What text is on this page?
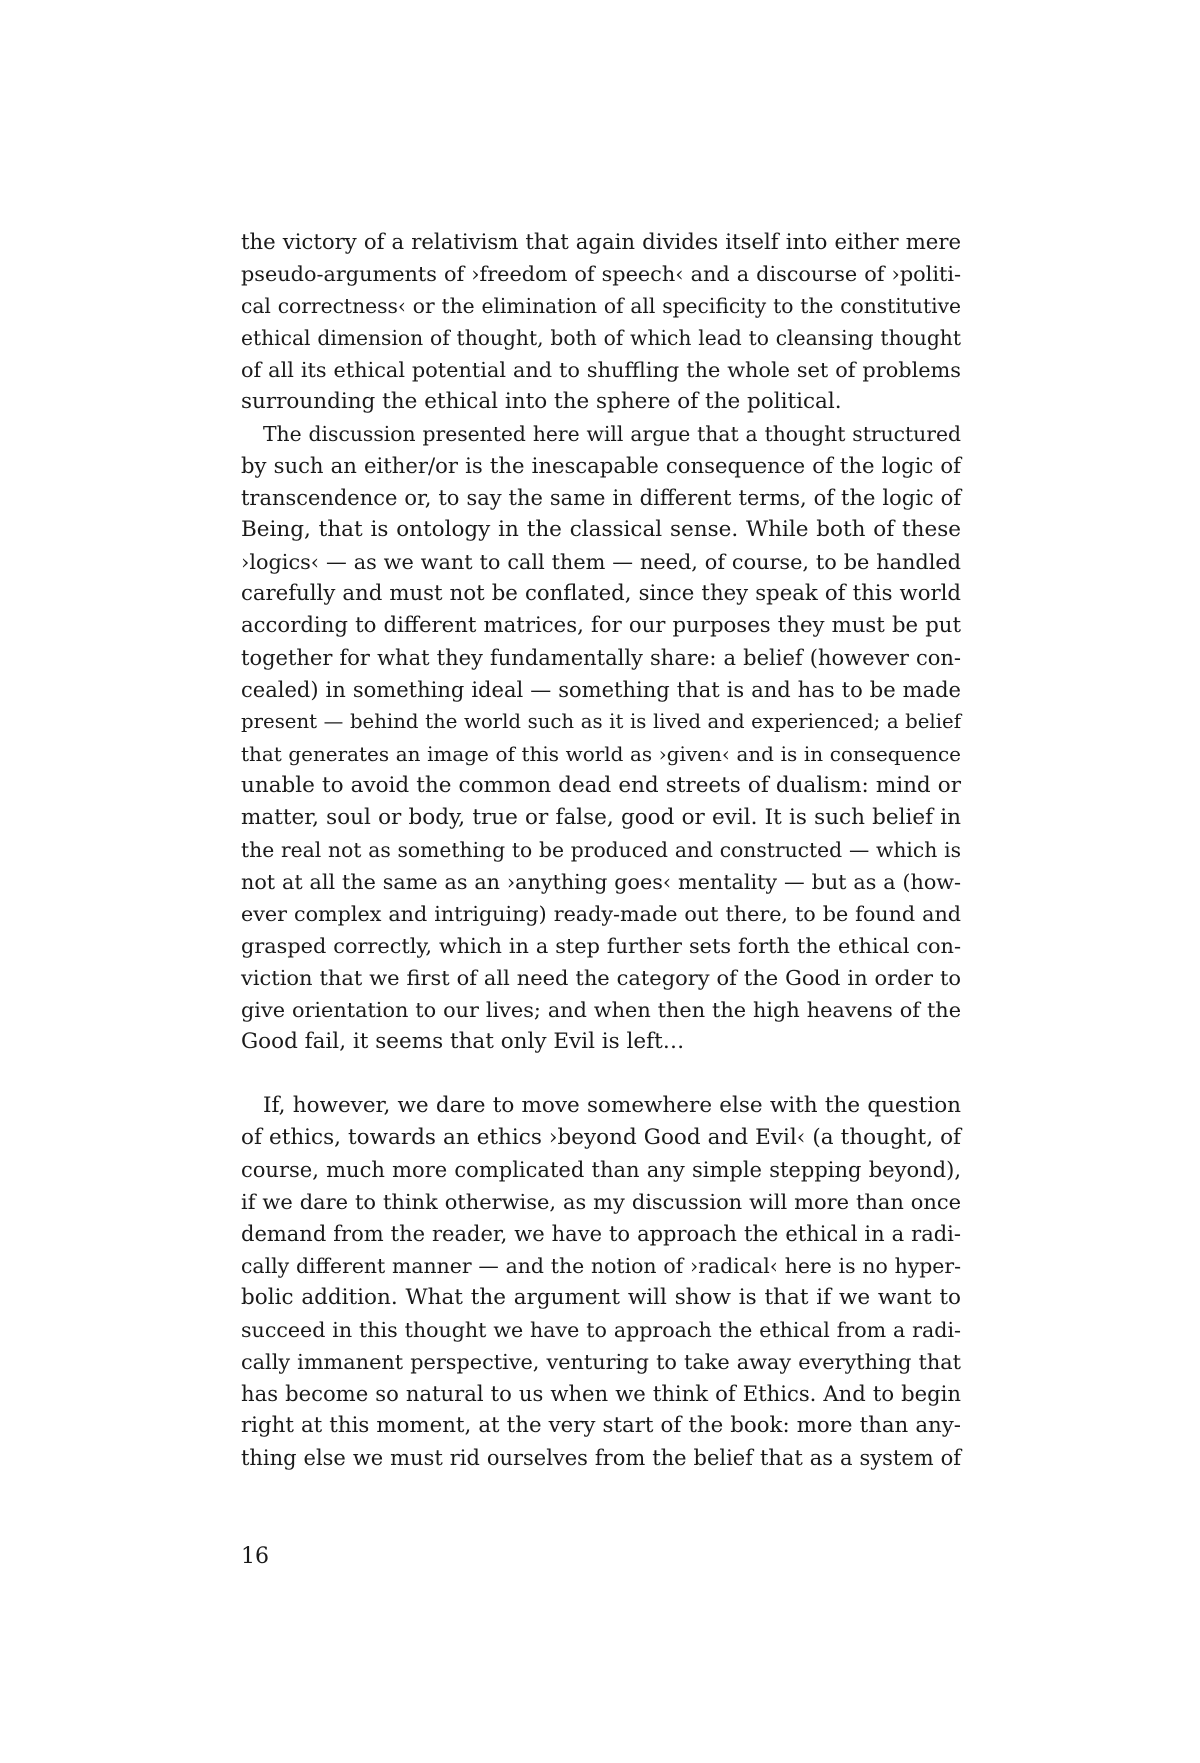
the victory of a relativism that again divides itself into either mere
pseudo-arguments of ›freedom of speech‹ and a discourse of ›politi-
cal correctness‹ or the elimination of all specificity to the constitutive
ethical dimension of thought, both of which lead to cleansing thought
of all its ethical potential and to shuffling the whole set of problems
surrounding the ethical into the sphere of the political.
The discussion presented here will argue that a thought structured
by such an either/or is the inescapable consequence of the logic of
transcendence or, to say the same in different terms, of the logic of
Being, that is ontology in the classical sense. While both of these
›logics‹ — as we want to call them — need, of course, to be handled
carefully and must not be conflated, since they speak of this world
according to different matrices, for our purposes they must be put
together for what they fundamentally share: a belief (however con-
cealed) in something ideal — something that is and has to be made
present — behind the world such as it is lived and experienced; a belief
that generates an image of this world as ›given‹ and is in consequence
unable to avoid the common dead end streets of dualism: mind or
matter, soul or body, true or false, good or evil. It is such belief in
the real not as something to be produced and constructed — which is
not at all the same as an ›anything goes‹ mentality — but as a (how-
ever complex and intriguing) ready-made out there, to be found and
grasped correctly, which in a step further sets forth the ethical con-
viction that we first of all need the category of the Good in order to
give orientation to our lives; and when then the high heavens of the
Good fail, it seems that only Evil is left…
If, however, we dare to move somewhere else with the question
of ethics, towards an ethics ›beyond Good and Evil‹ (a thought, of
course, much more complicated than any simple stepping beyond),
if we dare to think otherwise, as my discussion will more than once
demand from the reader, we have to approach the ethical in a radi-
cally different manner — and the notion of ›radical‹ here is no hyper-
bolic addition. What the argument will show is that if we want to
succeed in this thought we have to approach the ethical from a radi-
cally immanent perspective, venturing to take away everything that
has become so natural to us when we think of Ethics. And to begin
right at this moment, at the very start of the book: more than any-
thing else we must rid ourselves from the belief that as a system of
16
